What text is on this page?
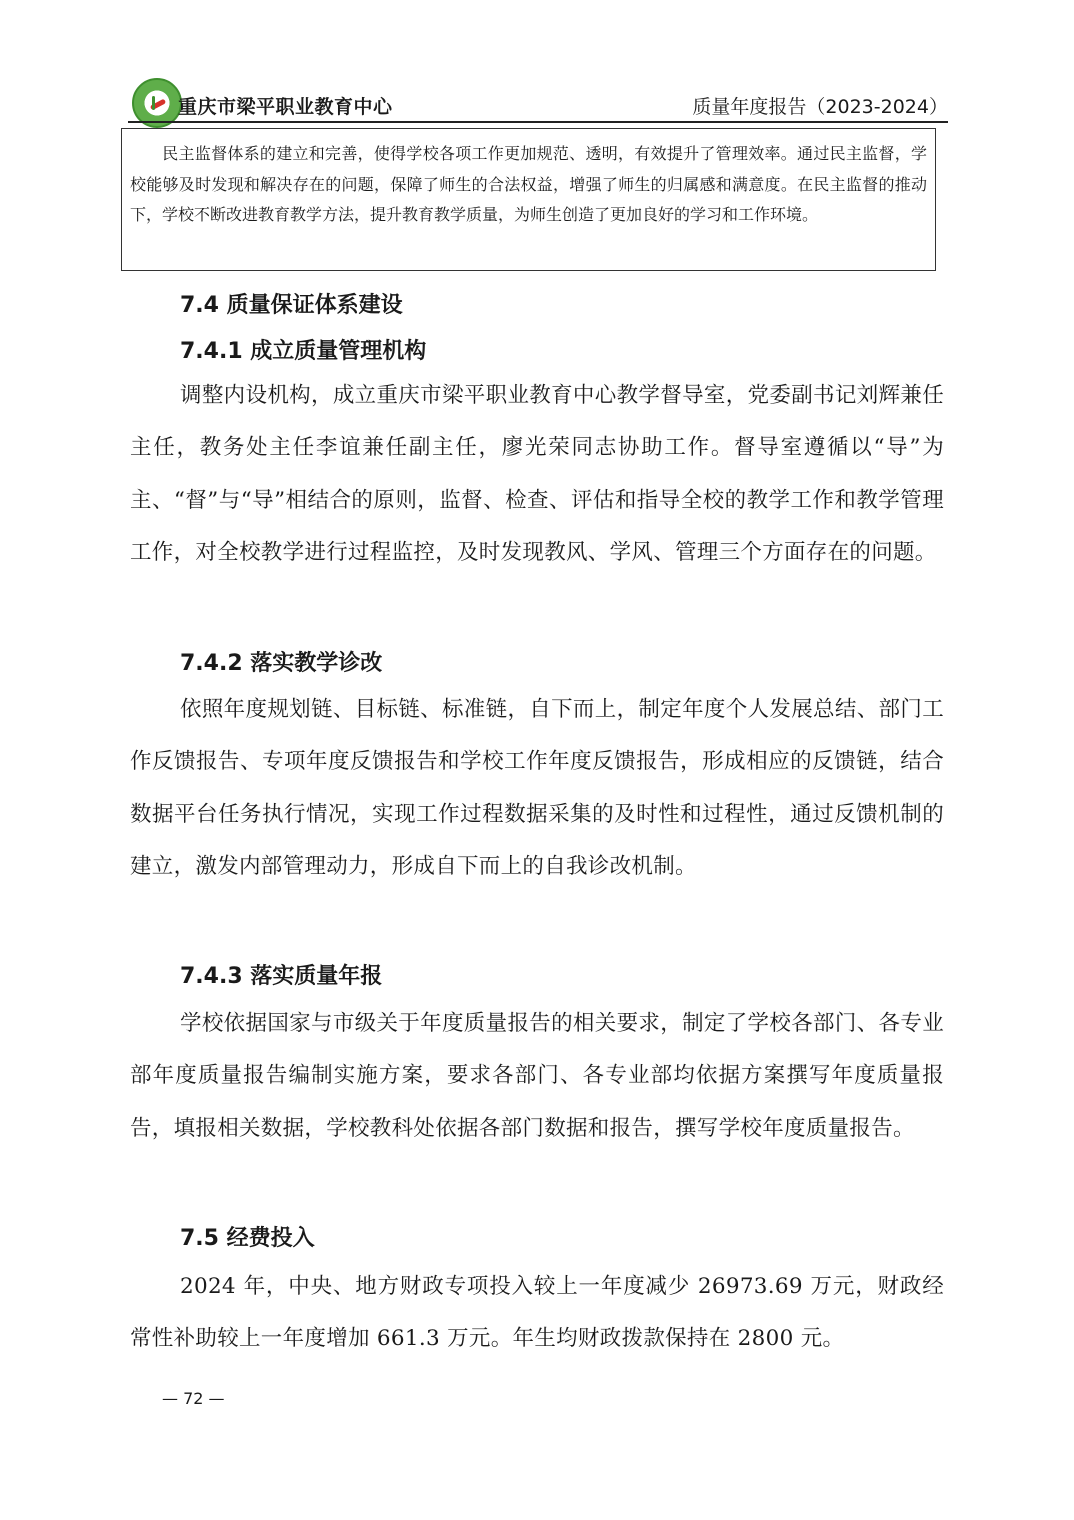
重庆市梁平职业教育中心	质量年度报告（2023-2024）
民主监督体系的建立和完善，使得学校各项工作更加规范、透明，有效提升了管理效率。通过民主监督，学校能够及时发现和解决存在的问题，保障了师生的合法权益，增强了师生的归属感和满意度。在民主监督的推动下，学校不断改进教育教学方法，提升教育教学质量，为师生创造了更加良好的学习和工作环境。
7.4 质量保证体系建设
7.4.1 成立质量管理机构
调整内设机构，成立重庆市梁平职业教育中心教学督导室，党委副书记刘辉兼任主任，教务处主任李谊兼任副主任，廖光荣同志协助工作。督导室遵循以“导”为主、“督”与“导”相结合的原则，监督、检查、评估和指导全校的教学工作和教学管理工作，对全校教学进行过程监控，及时发现教风、学风、管理三个方面存在的问题。
7.4.2 落实教学诊改
依照年度规划链、目标链、标准链，自下而上，制定年度个人发展总结、部门工作反馈报告、专项年度反馈报告和学校工作年度反馈报告，形成相应的反馈链，结合数据平台任务执行情况，实现工作过程数据采集的及时性和过程性，通过反馈机制的建立，激发内部管理动力，形成自下而上的自我诊改机制。
7.4.3 落实质量年报
学校依据国家与市级关于年度质量报告的相关要求，制定了学校各部门、各专业部年度质量报告编制实施方案，要求各部门、各专业部均依据方案撰写年度质量报告，填报相关数据，学校教科处依据各部门数据和报告，撰写学校年度质量报告。
7.5 经费投入
2024 年，中央、地方财政专项投入较上一年度减少 26973.69 万元，财政经常性补助较上一年度增加 661.3 万元。年生均财政拨款保持在 2800 元。
— 72 —
